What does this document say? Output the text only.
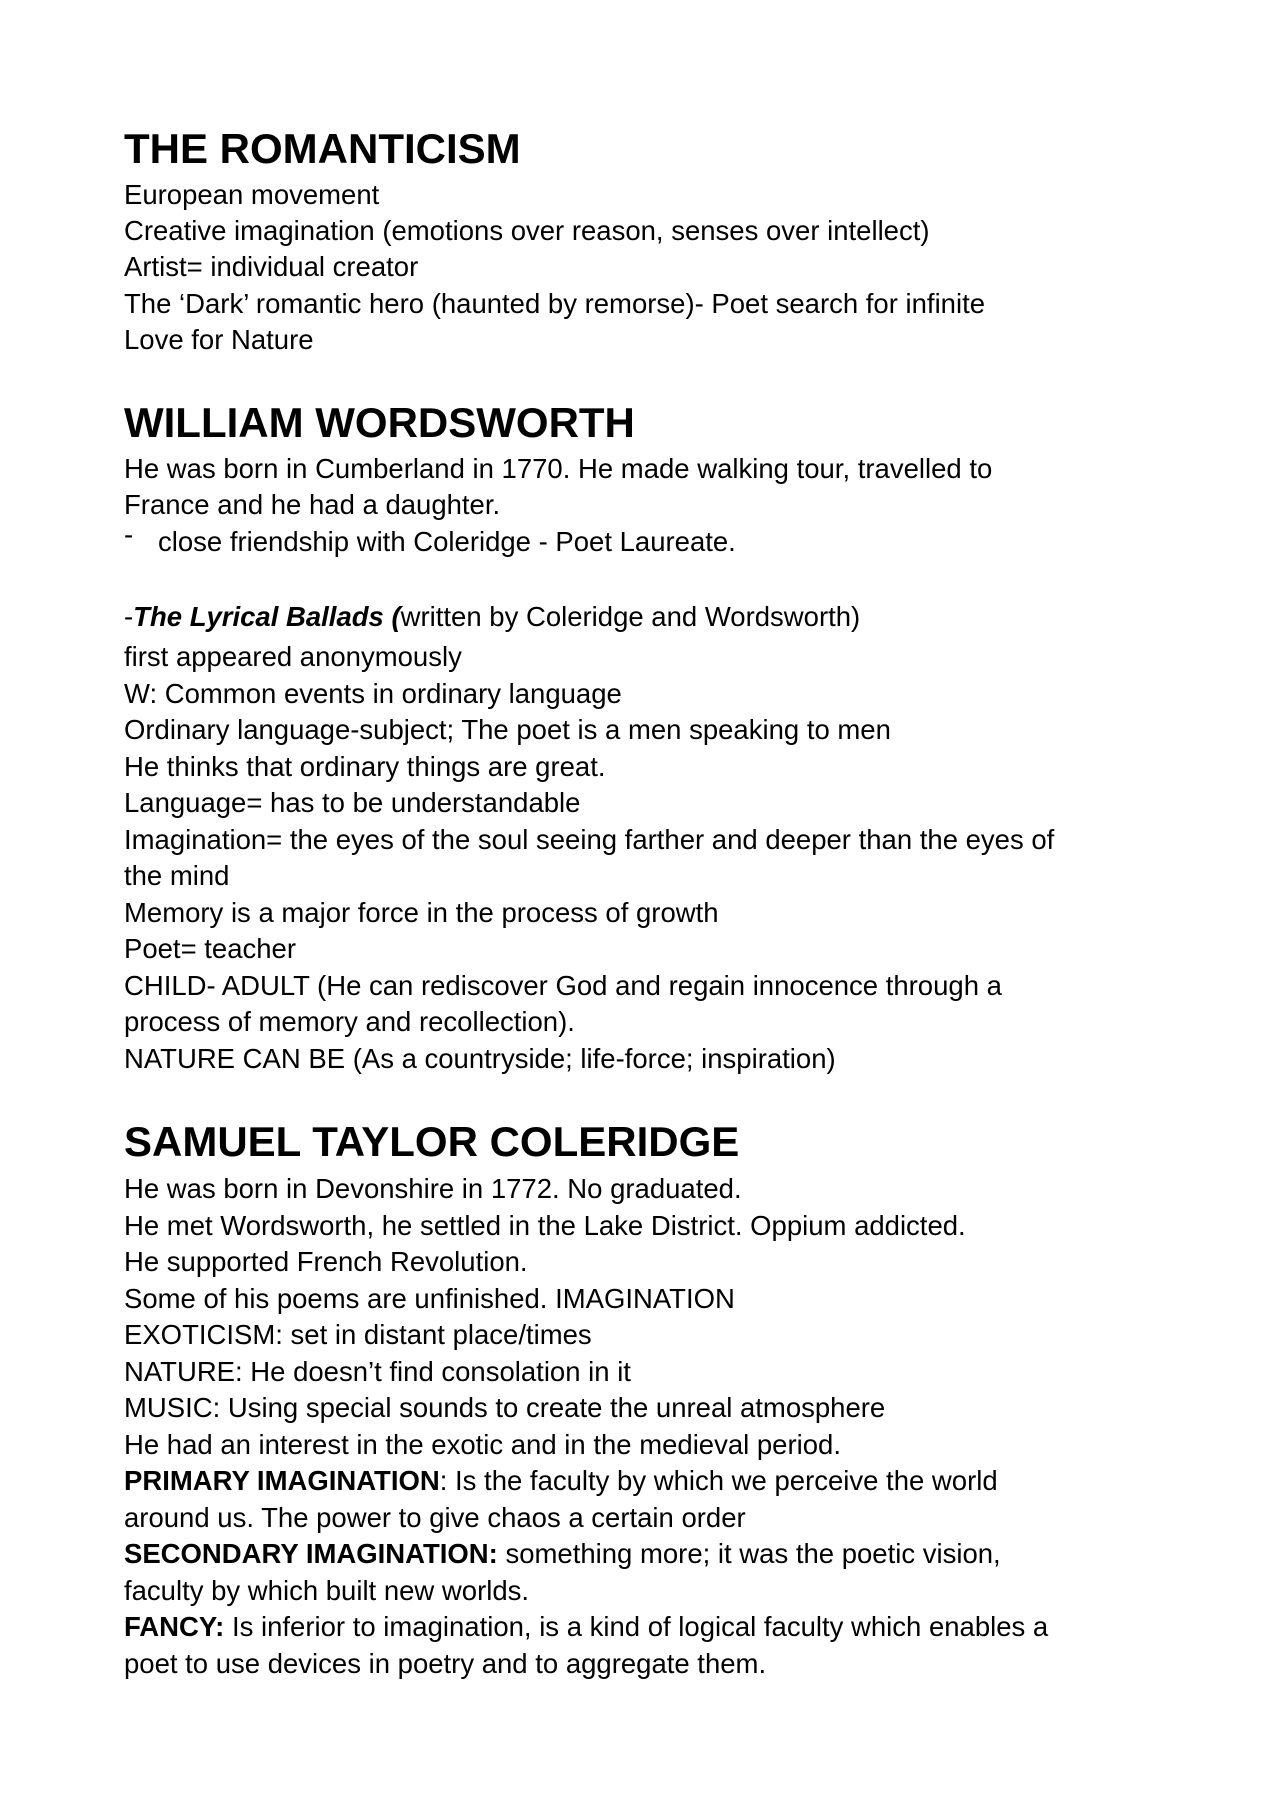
THE ROMANTICISM
European movement
Creative imagination (emotions over reason, senses over intellect)
Artist= individual creator
The ‘Dark’ romantic hero (haunted by remorse)- Poet search for infinite
Love for Nature
WILLIAM WORDSWORTH
He was born in Cumberland in 1770. He made walking tour, travelled to
France and he had a daughter.
- close friendship with Coleridge - Poet Laureate.
-The Lyrical Ballads (written by Coleridge and Wordsworth)
first appeared anonymously
W: Common events in ordinary language
Ordinary language-subject; The poet is a men speaking to men
He thinks that ordinary things are great.
Language= has to be understandable
Imagination= the eyes of the soul seeing farther and deeper than the eyes of
the mind
Memory is a major force in the process of growth
Poet= teacher
CHILD- ADULT (He can rediscover God and regain innocence through a
process of memory and recollection).
NATURE CAN BE (As a countryside; life-force; inspiration)
SAMUEL TAYLOR COLERIDGE
He was born in Devonshire in 1772. No graduated.
He met Wordsworth, he settled in the Lake District. Oppium addicted.
He supported French Revolution.
Some of his poems are unfinished. IMAGINATION
EXOTICISM: set in distant place/times
NATURE: He doesn’t find consolation in it
MUSIC: Using special sounds to create the unreal atmosphere
He had an interest in the exotic and in the medieval period.
PRIMARY IMAGINATION: Is the faculty by which we perceive the world
around us. The power to give chaos a certain order
SECONDARY IMAGINATION: something more; it was the poetic vision,
faculty by which built new worlds.
FANCY: Is inferior to imagination, is a kind of logical faculty which enables a
poet to use devices in poetry and to aggregate them.
